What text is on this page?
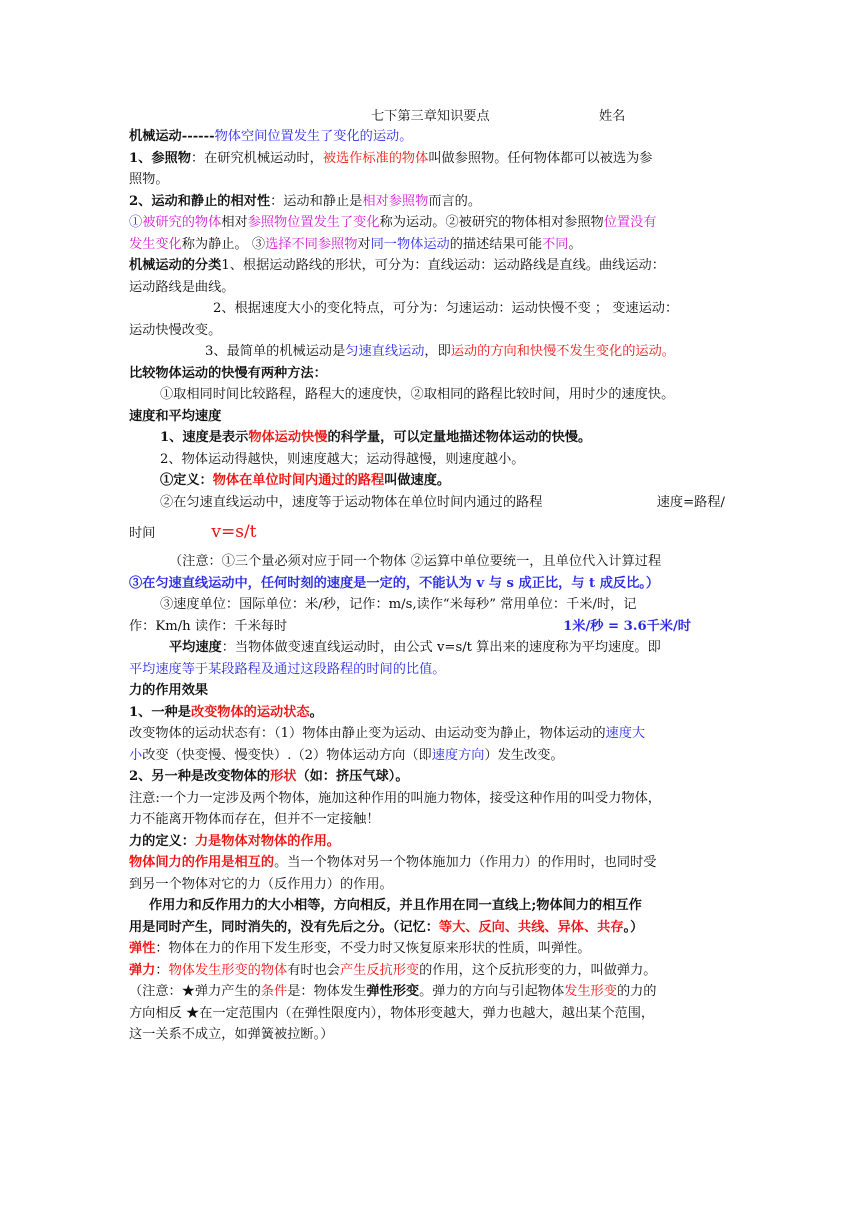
七下第三章知识要点	姓名
机械运动------物体空间位置发生了变化的运动。
1、参照物：在研究机械运动时，被选作标准的物体叫做参照物。任何物体都可以被选为参
照物。
2、运动和静止的相对性：运动和静止是相对参照物而言的。
①被研究的物体相对参照物位置发生了变化称为运动。②被研究的物体相对参照物位置没有
发生变化称为静止。 ③选择不同参照物对同一物体运动的描述结果可能不同。
机械运动的分类1、根据运动路线的形状，可分为：直线运动：运动路线是直线。曲线运动：
运动路线是曲线。
2、根据速度大小的变化特点，可分为：匀速运动：运动快慢不变 ； 变速运动：
运动快慢改变。
3、最简单的机械运动是匀速直线运动，即运动的方向和快慢不发生变化的运动。
比较物体运动的快慢有两种方法：
①取相同时间比较路程，路程大的速度快，②取相同的路程比较时间，用时少的速度快。
速度和平均速度
1、速度是表示物体运动快慢的科学量，可以定量地描述物体运动的快慢。
2、物体运动得越快，则速度越大；运动得越慢，则速度越小。
①定义：物体在单位时间内通过的路程叫做速度。
②在匀速直线运动中，速度等于运动物体在单位时间内通过的路程	速度=路程/
时间	v=s/t
（注意：①三个量必须对应于同一个物体 ②运算中单位要统一，且单位代入计算过程
③在匀速直线运动中，任何时刻的速度是一定的，不能认为 v 与 s 成正比，与 t 成反比。）
③速度单位：国际单位：米/秒，记作：m/s,读作“米每秒” 常用单位：千米/时，记
作：Km/h 读作：千米每时	1米/秒 = 3.6千米/时
平均速度：当物体做变速直线运动时，由公式 v=s/t 算出来的速度称为平均速度。即
平均速度等于某段路程及通过这段路程的时间的比值。
力的作用效果
1、一种是改变物体的运动状态。
改变物体的运动状态有：（1）物体由静止变为运动、由运动变为静止，物体运动的速度大
小改变（快变慢、慢变快）.（2）物体运动方向（即速度方向）发生改变。
2、另一种是改变物体的形状（如：挤压气球）。
注意:一个力一定涉及两个物体，施加这种作用的叫施力物体，接受这种作用的叫受力物体，
力不能离开物体而存在，但并不一定接触！
力的定义：力是物体对物体的作用。
物体间力的作用是相互的。当一个物体对另一个物体施加力（作用力）的作用时，也同时受
到另一个物体对它的力（反作用力）的作用。
作用力和反作用力的大小相等，方向相反，并且作用在同一直线上;物体间力的相互作
用是同时产生，同时消失的，没有先后之分。（记忆：等大、反向、共线、异体、共存。）
弹性：物体在力的作用下发生形变，不受力时又恢复原来形状的性质，叫弹性。
弹力：物体发生形变的物体有时也会产生反抗形变的作用，这个反抗形变的力，叫做弹力。
（注意：★弹力产生的条件是：物体发生弹性形变。弹力的方向与引起物体发生形变的力的
方向相反 ★在一定范围内（在弹性限度内），物体形变越大，弹力也越大，越出某个范围，
这一关系不成立，如弹簧被拉断。）
